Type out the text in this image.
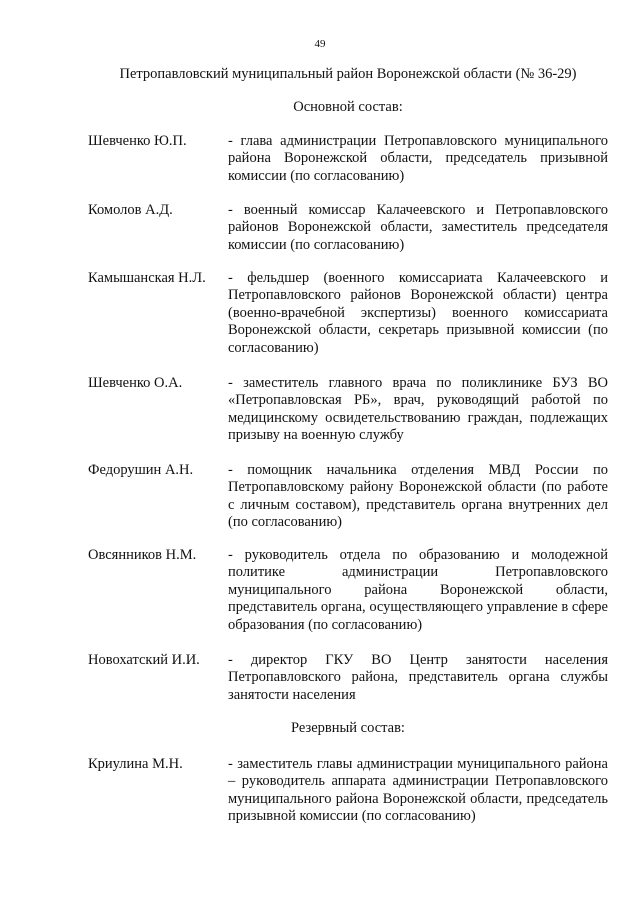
49
Петропавловский муниципальный район Воронежской области (№ 36-29)
Основной состав:
Шевченко Ю.П.	- глава администрации Петропавловского муниципального района Воронежской области, председатель призывной комиссии (по согласованию)
Комолов А.Д.	- военный комиссар Калачеевского и Петропавловского районов Воронежской области, заместитель председателя комиссии (по согласованию)
Камышанская Н.Л.	- фельдшер (военного комиссариата Калачеевского и Петропавловского районов Воронежской области) центра (военно-врачебной экспертизы) военного комиссариата Воронежской области, секретарь призывной комиссии (по согласованию)
Шевченко О.А.	- заместитель главного врача по поликлинике БУЗ ВО «Петропавловская РБ», врач, руководящий работой по медицинскому освидетельствованию граждан, подлежащих призыву на военную службу
Федорушин А.Н.	- помощник начальника отделения МВД России по Петропавловскому району Воронежской области (по работе с личным составом), представитель органа внутренних дел (по согласованию)
Овсянников Н.М.	- руководитель отдела по образованию и молодежной политике администрации Петропавловского муниципального района Воронежской области, представитель органа, осуществляющего управление в сфере образования (по согласованию)
Новохатский И.И.	- директор ГКУ ВО Центр занятости населения Петропавловского района, представитель органа службы занятости населения
Резервный состав:
Криулина М.Н.	- заместитель главы администрации муниципального района – руководитель аппарата администрации Петропавловского муниципального района Воронежской области, председатель призывной комиссии (по согласованию)
